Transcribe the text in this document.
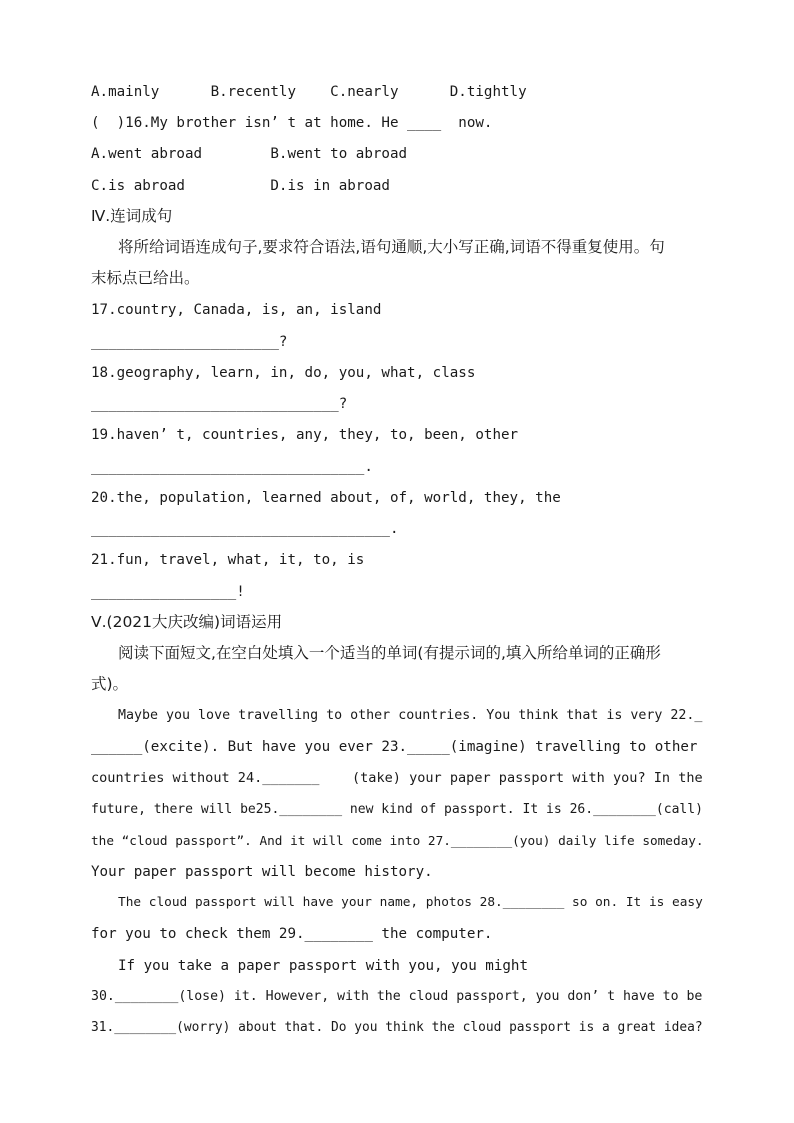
A.mainly      B.recently    C.nearly      D.tightly
(  )16.My brother isn’ t at home. He ____  now.
A.went abroad        B.went to abroad
C.is abroad          D.is in abroad
Ⅳ.连词成句
将所给词语连成句子,要求符合语法,语句通顺,大小写正确,词语不得重复使用。句
末标点已给出。
17.country, Canada, is, an, island
______________________?
18.geography, learn, in, do, you, what, class
_____________________________?
19.haven’ t, countries, any, they, to, been, other
________________________________.
20.the, population, learned about, of, world, they, the
___________________________________.
21.fun, travel, what, it, to, is
_________________!
Ⅴ.(2021大庆改编)词语运用
阅读下面短文,在空白处填入一个适当的单词(有提示词的,填入所给单词的正确形
式)。
Maybe you love travelling to other countries. You think that is very 22._
______(excite). But have you ever 23._____(imagine) travelling to other
countries without 24._______    (take) your paper passport with you? In the
future, there will be25.________ new kind of passport. It is 26.________(call)
the “cloud passport”. And it will come into 27.________(you) daily life someday.
Your paper passport will become history.
The cloud passport will have your name, photos 28.________ so on. It is easy
for you to check them 29.________ the computer.
If you take a paper passport with you, you might
30.________(lose) it. However, with the cloud passport, you don’ t have to be
31.________(worry) about that. Do you think the cloud passport is a great idea?
